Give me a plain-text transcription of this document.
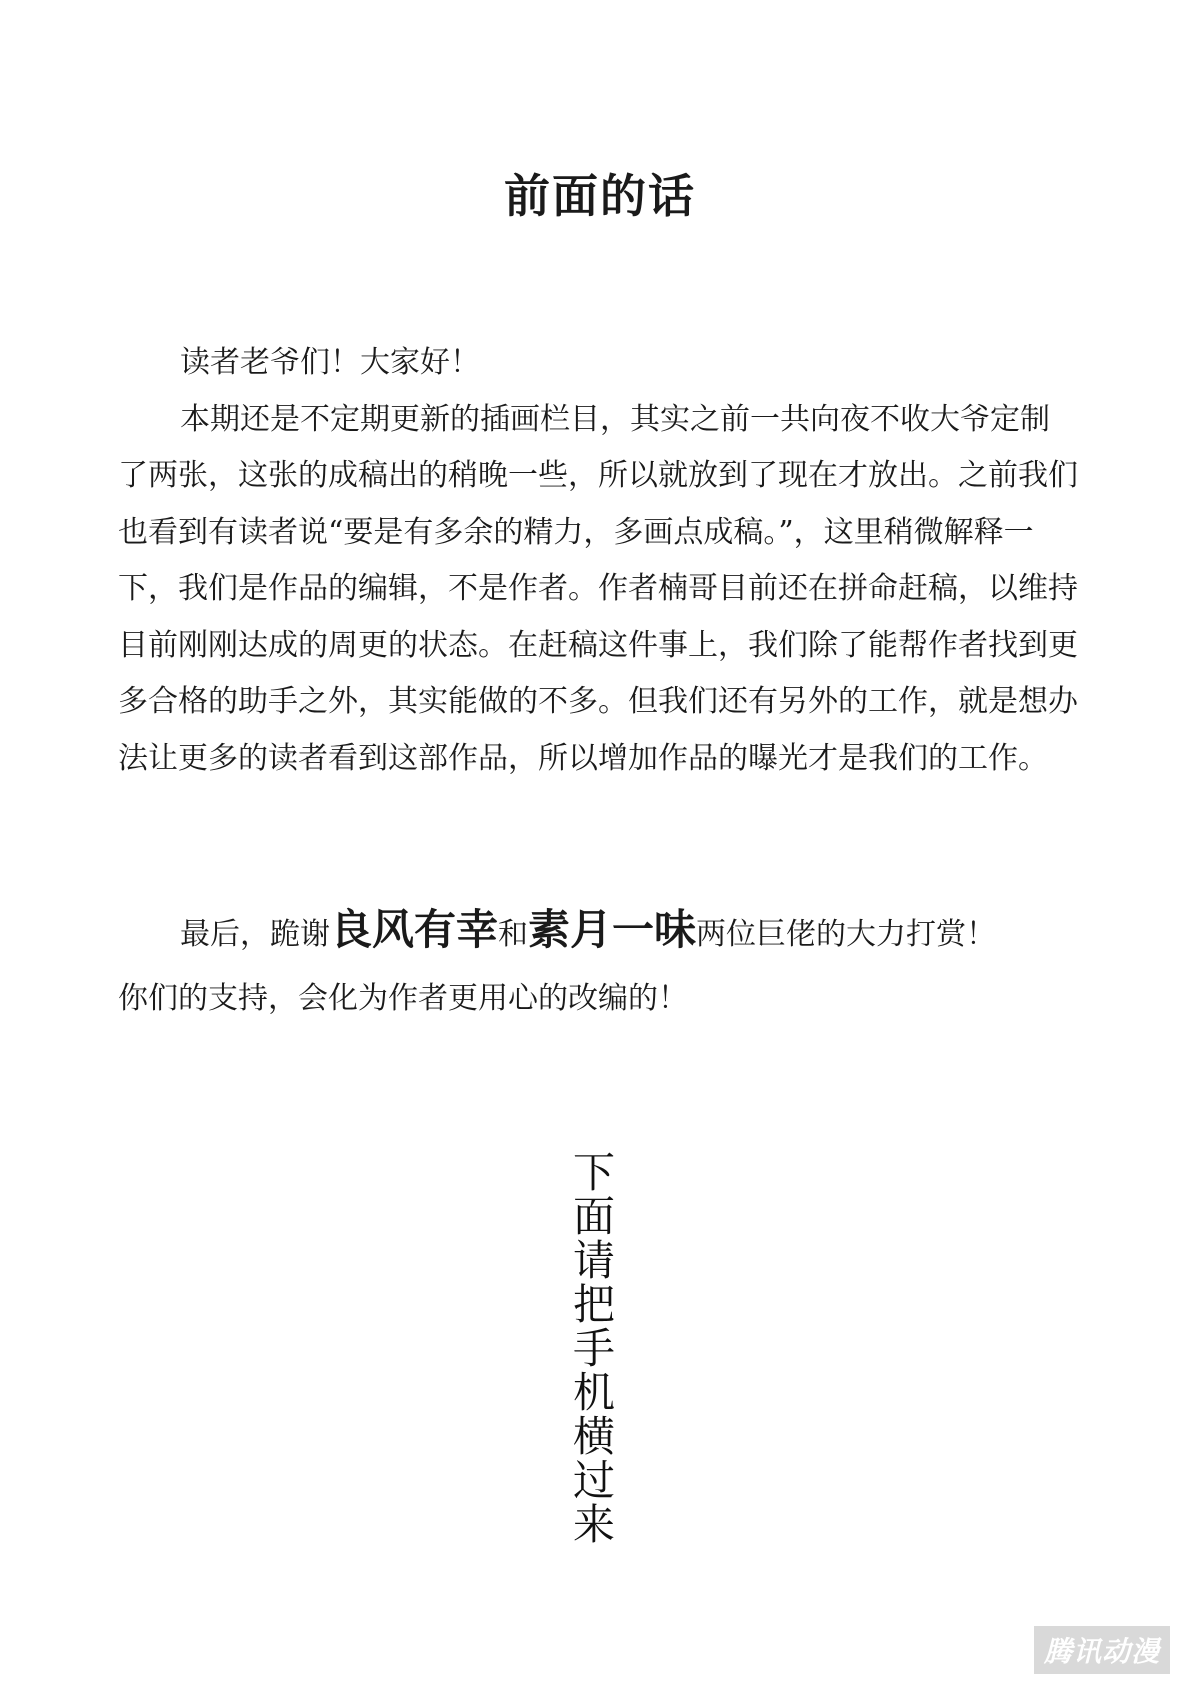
前面的话

读者老爷们！大家好！

本期还是不定期更新的插画栏目，其实之前一共向夜不收大爷定制了两张，这张的成稿出的稍晚一些，所以就放到了现在才放出。之前我们也看到有读者说“要是有多余的精力，多画点成稿。”，这里稍微解释一下，我们是作品的编辑，不是作者。作者楠哥目前还在拼命赶稿，以维持目前刚刚达成的周更的状态。在赶稿这件事上，我们除了能帮作者找到更多合格的助手之外，其实能做的不多。但我们还有另外的工作，就是想办法让更多的读者看到这部作品，所以增加作品的曝光才是我们的工作。

最后，跪谢良风有幸和素月一味两位巨佬的大力打赏！

你们的支持，会化为作者更用心的改编的！

下面请把手机横过来
腾讯动漫
